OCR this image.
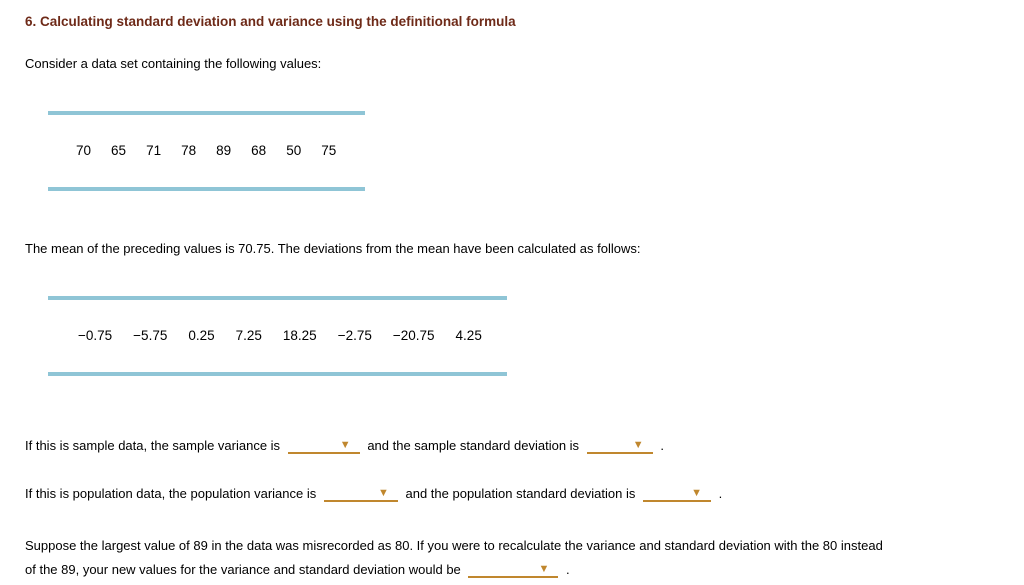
6. Calculating standard deviation and variance using the definitional formula

Consider a data set containing the following values:

70 65 71 78 89 68 50 75

The mean of the preceding values is 70.75. The deviations from the mean have been calculated as follows:

−0.75 −5.75 0.25 7.25 18.25 −2.75 −20.75 4.25

If this is sample data, the sample variance is	▼ and the sample standard deviation is	▼ .

If this is population data, the population variance is	▼ and the population standard deviation is	▼ .

Suppose the largest value of 89 in the data was misrecorded as 80. If you were to recalculate the variance and standard deviation with the 80 instead
of the 89, your new values for the variance and standard deviation would be	▼ .
